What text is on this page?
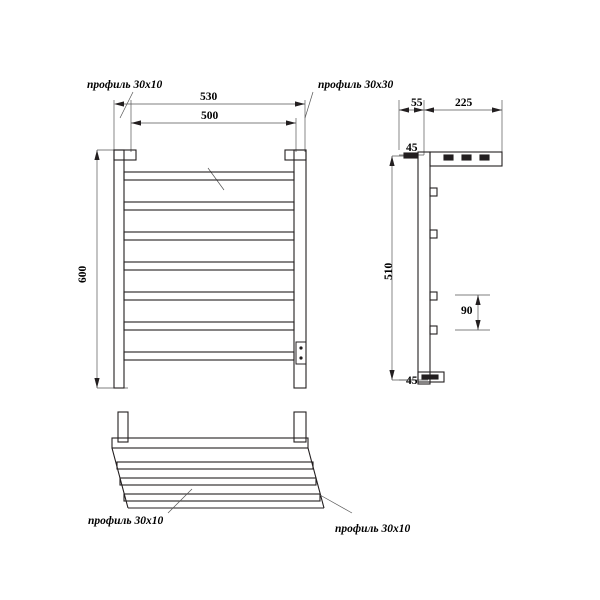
профиль 30x10	профиль 30x30
530
500
600
55	225
45
510
90
45
профиль 30x10
профиль 30x10
